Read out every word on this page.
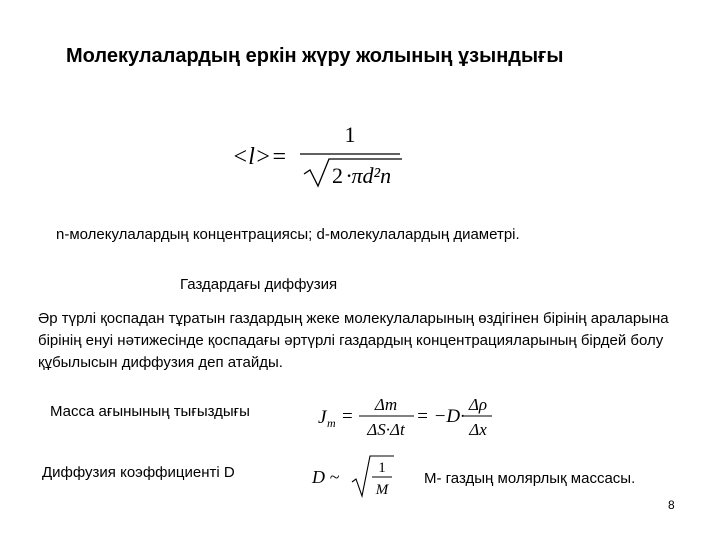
Молекулалардың еркін жүру жолының ұзындығы
<l>=
1
2 ·πd²n
n-молекулалардың концентрациясы; d-молекулалардың диаметрі.
Газдардағы диффузия
Әр түрлі қоспадан тұратын газдардың жеке молекулаларының өздігінен бірінің араларына бірінің енуі нәтижесінде қоспадағы әртүрлі газдардың концентрацияларының бірдей болу құбылысын диффузия деп атайды.
Масса ағынының тығыздығы	J m =
Δm
ΔS·Δt
= −D·
Δρ
Δx
Диффузия коэффициенті D	D ~	1
M
М- газдың молярлық массасы.
8
